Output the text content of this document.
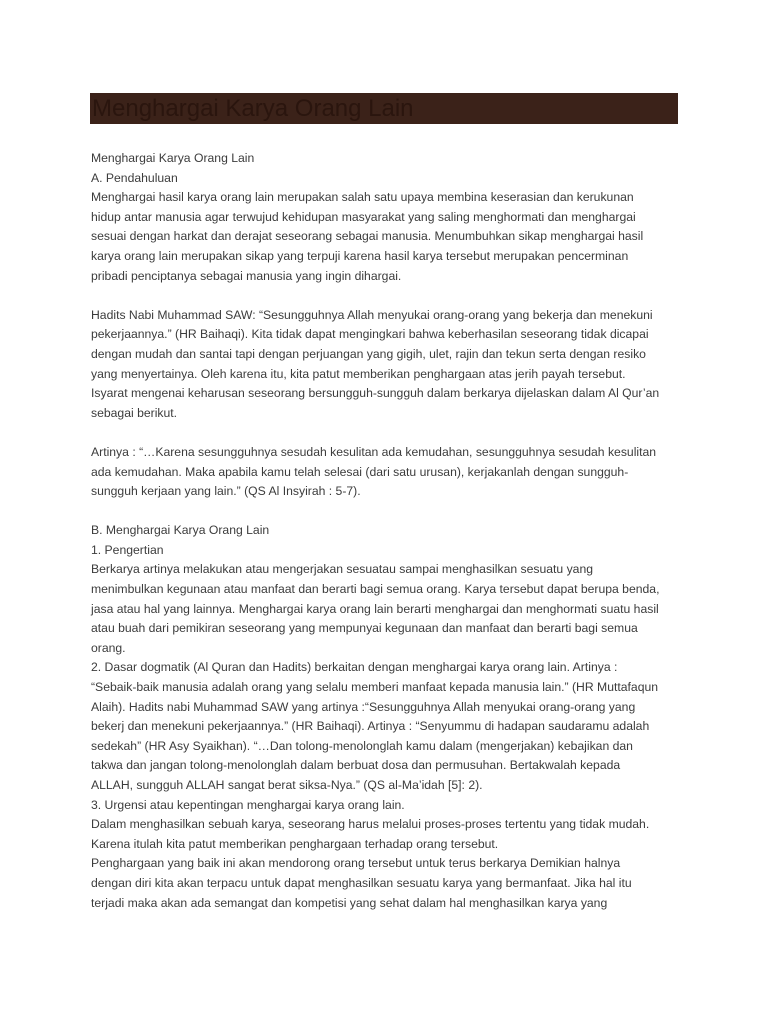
Menghargai Karya Orang Lain
Menghargai Karya Orang Lain
A. Pendahuluan
Menghargai hasil karya orang lain merupakan salah satu upaya membina keserasian dan kerukunan
hidup antar manusia agar terwujud kehidupan masyarakat yang saling menghormati dan menghargai
sesuai dengan harkat dan derajat seseorang sebagai manusia. Menumbuhkan sikap menghargai hasil
karya orang lain merupakan sikap yang terpuji karena hasil karya tersebut merupakan pencerminan
pribadi penciptanya sebagai manusia yang ingin dihargai.
Hadits Nabi Muhammad SAW: “Sesungguhnya Allah menyukai orang-orang yang bekerja dan menekuni
pekerjaannya.” (HR Baihaqi). Kita tidak dapat mengingkari bahwa keberhasilan seseorang tidak dicapai
dengan mudah dan santai tapi dengan perjuangan yang gigih, ulet, rajin dan tekun serta dengan resiko
yang menyertainya. Oleh karena itu, kita patut memberikan penghargaan atas jerih payah tersebut.
Isyarat mengenai keharusan seseorang bersungguh-sungguh dalam berkarya dijelaskan dalam Al Qur’an
sebagai berikut.
Artinya : “…Karena sesungguhnya sesudah kesulitan ada kemudahan, sesungguhnya sesudah kesulitan
ada kemudahan. Maka apabila kamu telah selesai (dari satu urusan), kerjakanlah dengan sungguh-
sungguh kerjaan yang lain.” (QS Al Insyirah : 5-7).
B. Menghargai Karya Orang Lain
1. Pengertian
Berkarya artinya melakukan atau mengerjakan sesuatau sampai menghasilkan sesuatu yang
menimbulkan kegunaan atau manfaat dan berarti bagi semua orang. Karya tersebut dapat berupa benda,
jasa atau hal yang lainnya. Menghargai karya orang lain berarti menghargai dan menghormati suatu hasil
atau buah dari pemikiran seseorang yang mempunyai kegunaan dan manfaat dan berarti bagi semua
orang.
2. Dasar dogmatik (Al Quran dan Hadits) berkaitan dengan menghargai karya orang lain. Artinya :
“Sebaik-baik manusia adalah orang yang selalu memberi manfaat kepada manusia lain.” (HR Muttafaqun
Alaih). Hadits nabi Muhammad SAW yang artinya :“Sesungguhnya Allah menyukai orang-orang yang
bekerj dan menekuni pekerjaannya.” (HR Baihaqi). Artinya : “Senyummu di hadapan saudaramu adalah
sedekah” (HR Asy Syaikhan). “…Dan tolong-menolonglah kamu dalam (mengerjakan) kebajikan dan
takwa dan jangan tolong-menolonglah dalam berbuat dosa dan permusuhan. Bertakwalah kepada
ALLAH, sungguh ALLAH sangat berat siksa-Nya.” (QS al-Ma’idah [5]: 2).
3. Urgensi atau kepentingan menghargai karya orang lain.
Dalam menghasilkan sebuah karya, seseorang harus melalui proses-proses tertentu yang tidak mudah.
Karena itulah kita patut memberikan penghargaan terhadap orang tersebut.
Penghargaan yang baik ini akan mendorong orang tersebut untuk terus berkarya Demikian halnya
dengan diri kita akan terpacu untuk dapat menghasilkan sesuatu karya yang bermanfaat. Jika hal itu
terjadi maka akan ada semangat dan kompetisi yang sehat dalam hal menghasilkan karya yang
